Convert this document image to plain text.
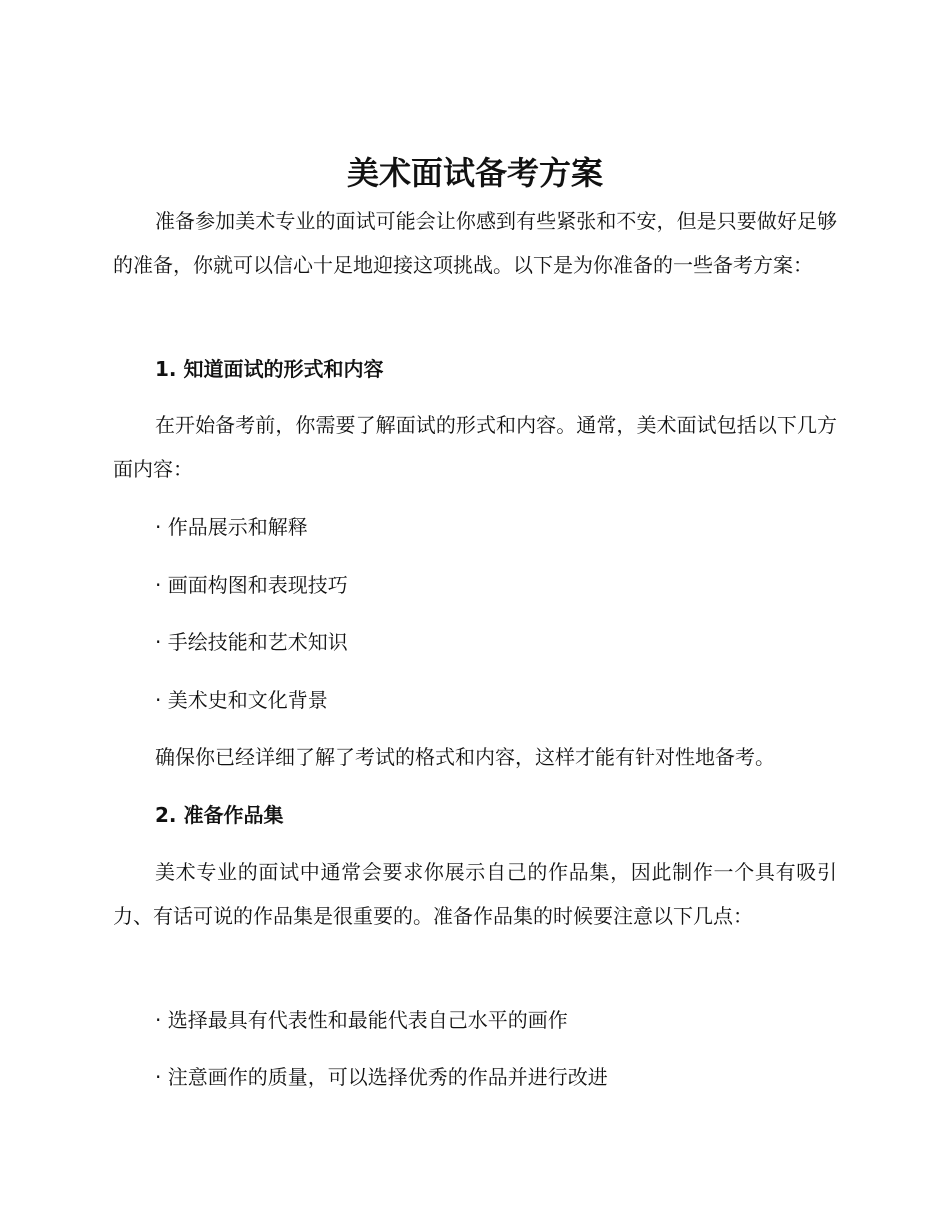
美术面试备考方案

准备参加美术专业的面试可能会让你感到有些紧张和不安，但是只要做好足够的准备，你就可以信心十足地迎接这项挑战。以下是为你准备的一些备考方案：

1. 知道面试的形式和内容

在开始备考前，你需要了解面试的形式和内容。通常，美术面试包括以下几方面内容：

· 作品展示和解释

· 画面构图和表现技巧

· 手绘技能和艺术知识

· 美术史和文化背景

确保你已经详细了解了考试的格式和内容，这样才能有针对性地备考。

2. 准备作品集

美术专业的面试中通常会要求你展示自己的作品集，因此制作一个具有吸引力、有话可说的作品集是很重要的。准备作品集的时候要注意以下几点：

· 选择最具有代表性和最能代表自己水平的画作

· 注意画作的质量，可以选择优秀的作品并进行改进
